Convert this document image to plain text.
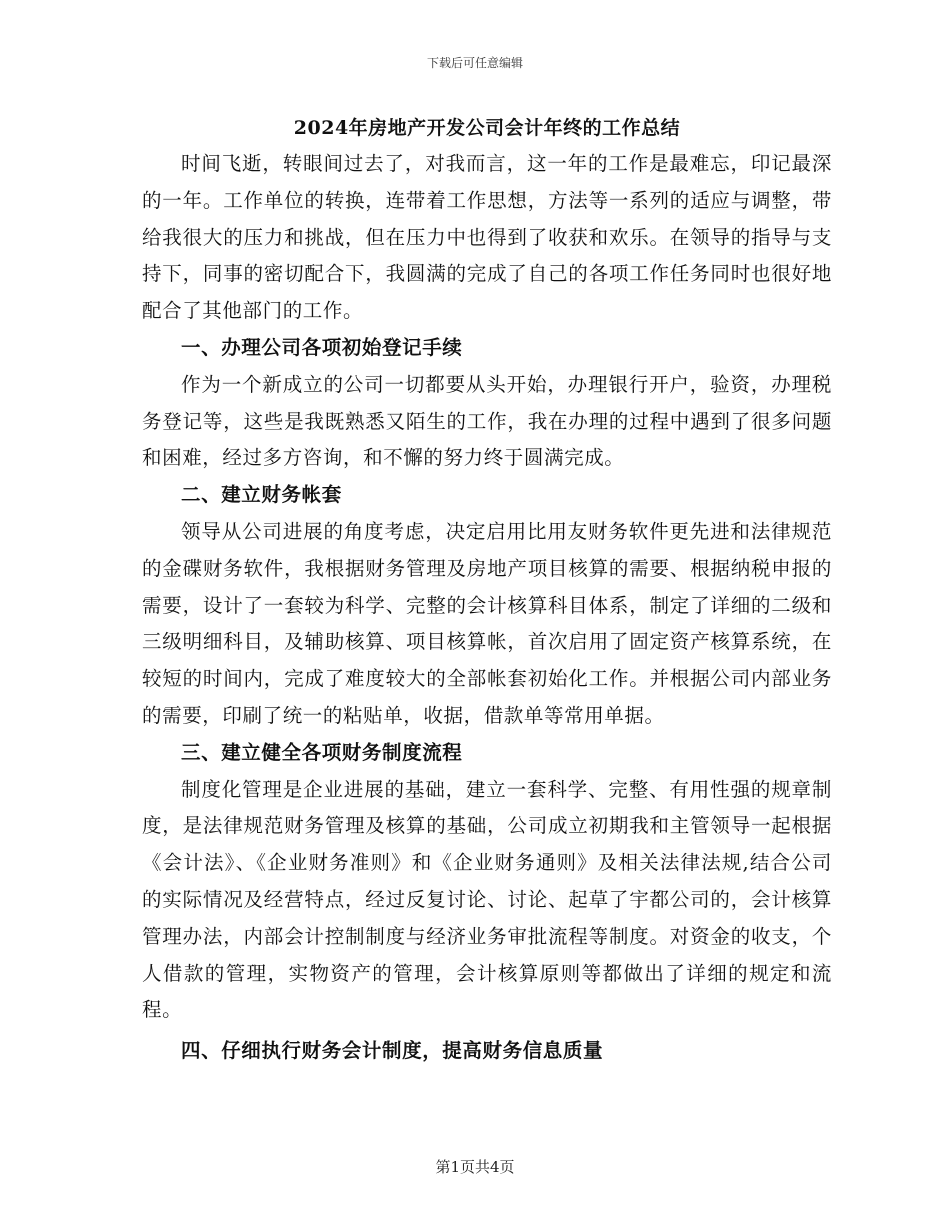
下载后可任意编辑
2024年房地产开发公司会计年终的工作总结

时间飞逝，转眼间过去了，对我而言，这一年的工作是最难忘，印记最深的一年。工作单位的转换，连带着工作思想，方法等一系列的适应与调整，带给我很大的压力和挑战，但在压力中也得到了收获和欢乐。在领导的指导与支持下，同事的密切配合下，我圆满的完成了自己的各项工作任务同时也很好地配合了其他部门的工作。

一、办理公司各项初始登记手续

作为一个新成立的公司一切都要从头开始，办理银行开户，验资，办理税务登记等，这些是我既熟悉又陌生的工作，我在办理的过程中遇到了很多问题和困难，经过多方咨询，和不懈的努力终于圆满完成。

二、建立财务帐套

领导从公司进展的角度考虑，决定启用比用友财务软件更先进和法律规范的金碟财务软件，我根据财务管理及房地产项目核算的需要、根据纳税申报的需要，设计了一套较为科学、完整的会计核算科目体系，制定了详细的二级和三级明细科目，及辅助核算、项目核算帐，首次启用了固定资产核算系统，在较短的时间内，完成了难度较大的全部帐套初始化工作。并根据公司内部业务的需要，印刷了统一的粘贴单，收据，借款单等常用单据。

三、建立健全各项财务制度流程

制度化管理是企业进展的基础，建立一套科学、完整、有用性强的规章制度，是法律规范财务管理及核算的基础，公司成立初期我和主管领导一起根据《会计法》、《企业财务准则》和《企业财务通则》及相关法律法规,结合公司的实际情况及经营特点，经过反复讨论、讨论、起草了宇都公司的，会计核算管理办法，内部会计控制制度与经济业务审批流程等制度。对资金的收支，个人借款的管理，实物资产的管理，会计核算原则等都做出了详细的规定和流程。

四、仔细执行财务会计制度，提高财务信息质量
第1页共4页
